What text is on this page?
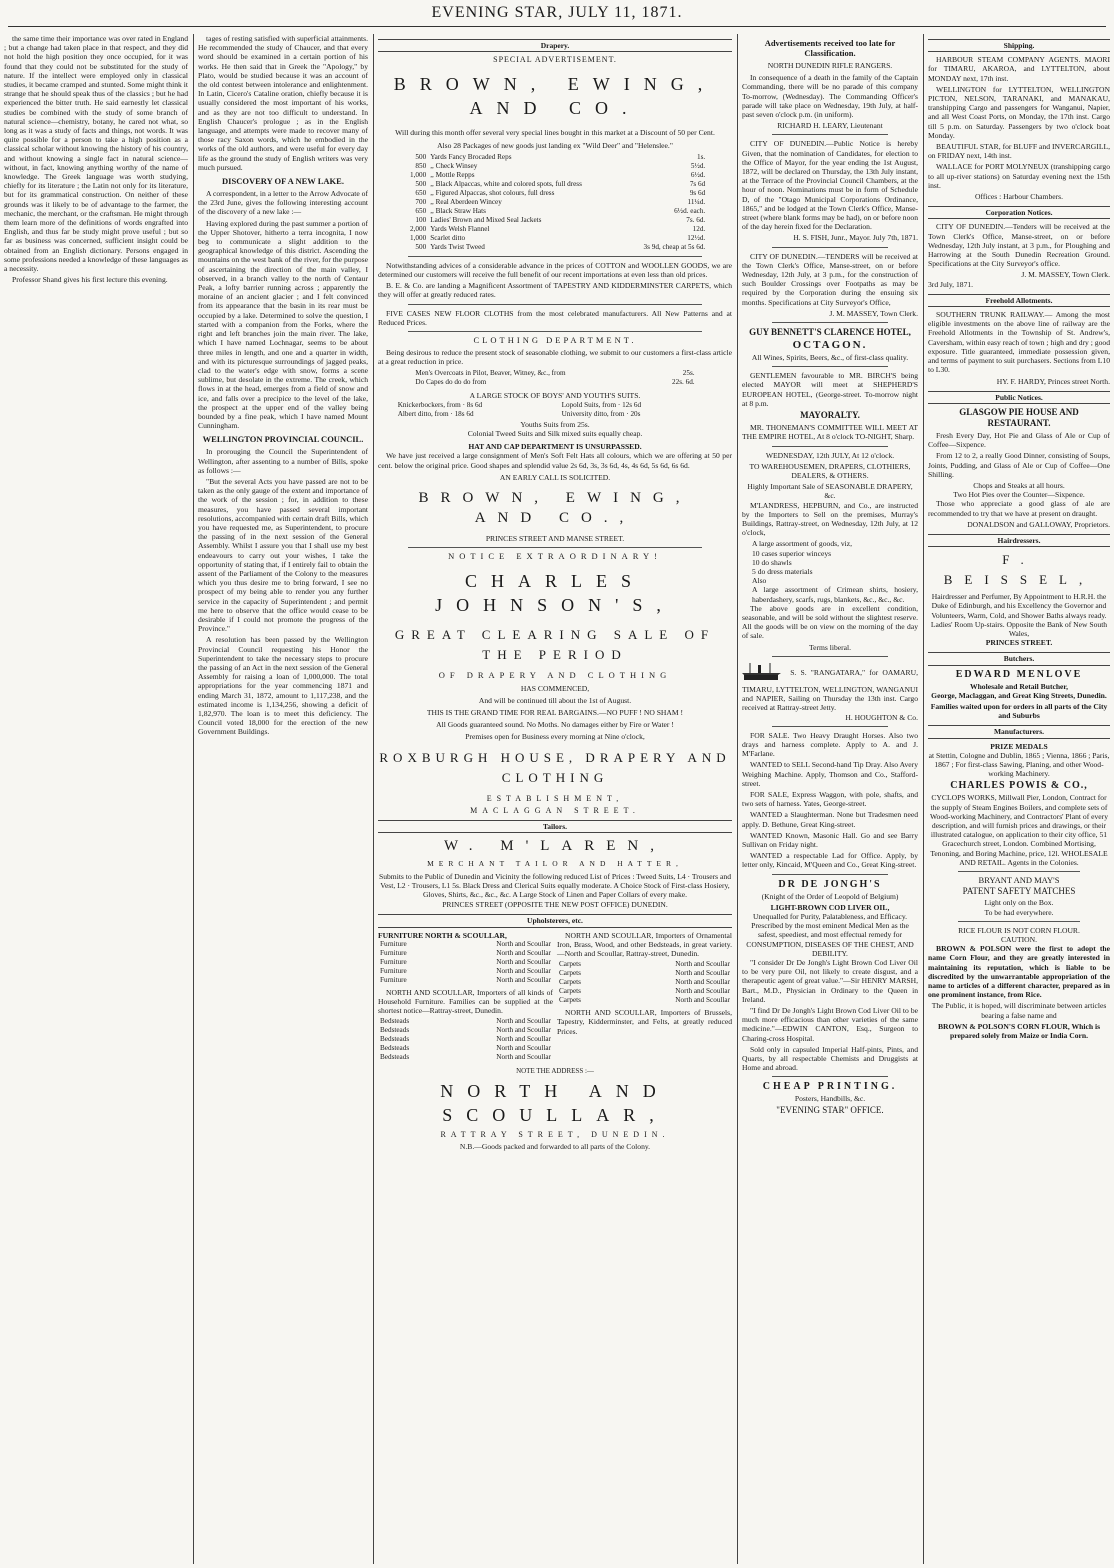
EVENING STAR, JULY 11, 1871.

the same time their importance was over rated in England ; but a change had taken place in that respect, and they did not hold the high position they once occupied, for it was found that they could not be substituted for the study of nature. If the intellect were employed only in classical studies, it became cramped and stunted. Some might think it strange that he should speak thus of the classics ; but he had experienced the bitter truth. He said earnestly let classical studies be combined with the study of some branch of natural science—chemistry, botany, he cared not what, so long as it was a study of facts and things, not words. It was quite possible for a person to take a high position as a classical scholar without knowing the history of his country, and without knowing a single fact in natural science—without, in fact, knowing anything worthy of the name of knowledge. The Greek language was worth studying, chiefly for its literature ; the Latin not only for its literature, but for its grammatical construction. On neither of these grounds was it likely to be of advantage to the farmer, the mechanic, the merchant, or the craftsman. He might through them learn more of the definitions of words engrafted into English, and thus far be study might prove useful ; but so far as business was concerned, sufficient insight could be obtained from an English dictionary. Persons engaged in some professions needed a knowledge of these languages as a necessity.

Professor Shand gives his first lecture this evening.

tages of resting satisfied with superficial attainments. He recommended the study of Chaucer, and that every word should be examined in a certain portion of his works. He then said that in Greek the "Apology," by Plato, would be studied because it was an account of the old contest between intolerance and enlightenment. In Latin, Cicero's Cataline oration, chiefly because it is usually considered the most important of his works, and as they are not too difficult to understand. In English Chaucer's prologue ; as in the English language, and attempts were made to recover many of those racy Saxon words, which he embodied in the works of the old authors, and were useful for every day life as the ground the study of English writers was very much pursued.

DISCOVERY OF A NEW LAKE.

A correspondent, in a letter to the Arrow Advocate of the 23rd June, gives the following interesting account of the discovery of a new lake :—

Having explored during the past summer a portion of the Upper Shotover, hitherto a terra incognita, I now beg to communicate a slight addition to the geographical knowledge of this district. Ascending the mountains on the west bank of the river, for the purpose of ascertaining the direction of the main valley, I observed, in a branch valley to the north of Centaur Peak, a lofty barrier running across ; apparently the moraine of an ancient glacier ; and I felt convinced from its appearance that the basin in its rear must be occupied by a lake. Determined to solve the question, I started with a companion from the Forks, where the right and left branches join the main river. The lake, which I have named Lochnagar, seems to be about three miles in length, and one and a quarter in width, and with its picturesque surroundings of jagged peaks, clad to the water's edge with snow, forms a scene sublime, but desolate in the extreme. The creek, which flows in at the head, emerges from a field of snow and ice, and falls over a precipice to the level of the lake, the prospect at the upper end of the valley being bounded by a fine peak, which I have named Mount Cunningham.

WELLINGTON PROVINCIAL COUNCIL.

In prorouging the Council the Superintendent of Wellington, after assenting to a number of Bills, spoke as follows :—

"But the several Acts you have passed are not to be taken as the only gauge of the extent and importance of the work of the session ; for, in addition to these measures, you have passed several important resolutions, accompanied with certain draft Bills, which you have requested me, as Superintendent, to procure the passing of in the next session of the General Assembly. Whilst I assure you that I shall use my best endeavours to carry out your wishes, I take the opportunity of stating that, if I entirely fail to obtain the assent of the Parliament of the Colony to the measures which you thus desire me to bring forward, I see no prospect of my being able to render you any further service in the capacity of Superintendent ; and permit me here to observe that the office would cease to be desirable if I could not promote the progress of the Province."

A resolution has been passed by the Wellington Provincial Council requesting his Honor the Superintendent to take the necessary steps to procure the passing of an Act in the next session of the General Assembly for raising a loan of 1,000,000. The total appropriations for the year commencing 1871 and ending March 31, 1872, amount to 1,117,238, and the estimated income is 1,134,256, showing a deficit of 1,82,970. The loan is to meet this deficiency. The Council voted 18,000 for the erection of the new Government Buildings.

Drapery.
SPECIAL ADVERTISEMENT.
BROWN, EWING, AND CO.
Will during this month offer several very special lines bought in this market at a Discount of 50 per Cent.
Also 28 Packages of new goods just landing ex "Wild Deer" and "Helenslee."
500	Yards Fancy Brocaded Reps	1s.
850	,, Check Winsey	5½d.
1,000	,, Mottle Repps	6½d.
500	,, Black Alpaccas, white and colored spots, full dress	7s 6d
650	,, Figured Alpaccas, shot colours, full dress	9s 6d
700	,, Real Aberdeen Wincey	11¼d.
650	,, Black Straw Hats	6½d. each.
100	Ladies' Brown and Mixed Seal Jackets	7s. 6d.
2,000	Yards Welsh Flannel	12d.
1,000	Scarlet ditto	12½d.
500	Yards Twist Tweed	3s 9d, cheap at 5s 6d.

Notwithstanding advices of a considerable advance in the prices of COTTON and WOOLLEN GOODS, we are determined our customers will receive the full benefit of our recent importations at even less than old prices.

B. E. & Co. are landing a Magnificent Assortment of TAPESTRY AND KIDDERMINSTER CARPETS, which they will offer at greatly reduced rates.

FIVE CASES NEW FLOOR CLOTHS from the most celebrated manufacturers. All New Patterns and at Reduced Prices.

CLOTHING DEPARTMENT.

Being desirous to reduce the present stock of seasonable clothing, we submit to our customers a first-class article at a great reduction in price.

Men's Overcoats in Pilot, Beaver, Witney, &c., from	25s.
Do Capes do do do from	22s. 6d.
A LARGE STOCK OF BOYS' AND YOUTH'S SUITS.
Knickerbockers, from · 8s 6d	Lopold Suits, from · 12s 6d
Albert ditto, from · 18s 6d	University ditto, from · 20s
Youths Suits from 25s.
Colonial Tweed Suits and Silk mixed suits equally cheap.
HAT AND CAP DEPARTMENT IS UNSURPASSED.

We have just received a large consignment of Men's Soft Felt Hats all colours, which we are offering at 50 per cent. below the original price. Good shapes and splendid value 2s 6d, 3s, 3s 6d, 4s, 4s 6d, 5s 6d, 6s 6d.

AN EARLY CALL IS SOLICITED.
BROWN, EWING, AND CO.,
PRINCES STREET AND MANSE STREET.
NOTICE EXTRAORDINARY!
CHARLES JOHNSON'S,
GREAT CLEARING SALE OF THE PERIOD
OF DRAPERY AND CLOTHING
HAS COMMENCED,
And will be continued till about the 1st of August.
THIS IS THE GRAND TIME FOR REAL BARGAINS.—NO PUFF ! NO SHAM !
All Goods guaranteed sound. No Moths. No damages either by Fire or Water !
Premises open for Business every morning at Nine o'clock,
ROXBURGH HOUSE, DRAPERY AND CLOTHING
ESTABLISHMENT,
MACLAGGAN STREET.
Tailors.
W. M'LAREN,
MERCHANT TAILOR AND HATTER,
Submits to the Public of Dunedin and Vicinity the following reduced List of Prices : Tweed Suits, L4 · Trousers and Vest, L2 · Trousers, L1 5s. Black Dress and Clerical Suits equally moderate. A Choice Stock of First-class Hosiery, Gloves, Shirts, &c., &c., &c. A Large Stock of Linen and Paper Collars of every make.
PRINCES STREET (OPPOSITE THE NEW POST OFFICE) DUNEDIN.
Upholsterers, etc.
FURNITURE NORTH & SCOULLAR,
Furniture	North and Scoullar
Furniture	North and Scoullar
Furniture	North and Scoullar
Furniture	North and Scoullar
Furniture	North and Scoullar

NORTH AND SCOULLAR, Importers of all kinds of Household Furniture. Families can be supplied at the shortest notice—Rattray-street, Dunedin.

Bedsteads	North and Scoullar
Bedsteads	North and Scoullar
Bedsteads	North and Scoullar
Bedsteads	North and Scoullar
Bedsteads	North and Scoullar

NORTH AND SCOULLAR, Importers of Ornamental Iron, Brass, Wood, and other Bedsteads, in great variety.—North and Scoullar, Rattray-street, Dunedin.

Carpets	North and Scoullar
Carpets	North and Scoullar
Carpets	North and Scoullar
Carpets	North and Scoullar
Carpets	North and Scoullar

NORTH AND SCOULLAR, Importers of Brussels, Tapestry, Kidderminster, and Felts, at greatly reduced Prices.

NOTE THE ADDRESS :—
NORTH AND SCOULLAR,
RATTRAY STREET, DUNEDIN.
N.B.—Goods packed and forwarded to all parts of the Colony.
Advertisements received too late for Classification.
NORTH DUNEDIN RIFLE RANGERS.

In consequence of a death in the family of the Captain Commanding, there will be no parade of this company To-morrow, (Wednesday). The Commanding Officer's parade will take place on Wednesday, 19th July, at half-past seven o'clock p.m. (in uniform).

RICHARD H. LEARY, Lieutenant

CITY OF DUNEDIN.—Public Notice is hereby Given, that the nomination of Candidates, for election to the Office of Mayor, for the year ending the 1st August, 1872, will be declared on Thursday, the 13th July instant, at the Terrace of the Provincial Council Chambers, at the hour of noon. Nominations must be in form of Schedule D, of the "Otago Municipal Corporations Ordinance, 1865," and be lodged at the Town Clerk's Office, Manse-street (where blank forms may be had), on or before noon of the day herein fixed for the Declaration.

H. S. FISH, Junr., Mayor. July 7th, 1871.

CITY OF DUNEDIN.—TENDERS will be received at the Town Clerk's Office, Manse-street, on or before Wednesday, 12th July, at 3 p.m., for the construction of such Boulder Crossings over Footpaths as may be required by the Corporation during the ensuing six months. Specifications at City Surveyor's Office,

J. M. MASSEY, Town Clerk.
GUY BENNETT'S CLARENCE HOTEL,
OCTAGON.
All Wines, Spirits, Beers, &c., of first-class quality.

GENTLEMEN favourable to MR. BIRCH'S being elected MAYOR will meet at SHEPHERD'S EUROPEAN HOTEL, (George-street. To-morrow night at 8 p.m.

MAYORALTY.

MR. THONEMAN'S COMMITTEE WILL MEET AT THE EMPIRE HOTEL, At 8 o'clock TO-NIGHT, Sharp.

WEDNESDAY, 12th JULY, At 12 o'clock.
TO WAREHOUSEMEN, DRAPERS, CLOTHIERS, DEALERS, & OTHERS.
Highly Important Sale of SEASONABLE DRAPERY, &c.

M'LANDRESS, HEPBURN, and Co., are instructed by the Importers to Sell on the premises, Murray's Buildings, Rattray-street, on Wednesday, 12th July, at 12 o'clock,

A large assortment of goods, viz,
10 cases superior winceys
10 do shawls
5 do dress materials
Also
A large assortment of Crimean shirts, hosiery, haberdashery, scarfs, rugs, blankets, &c., &c., &c.

The above goods are in excellent condition, seasonable, and will be sold without the slightest reserve. All the goods will be on view on the morning of the day of sale.

Terms liberal.
S. S. "RANGATARA," for OAMARU, TIMARU, LYTTELTON, WELLINGTON, WANGANUI and NAPIER, Sailing on Thursday the 13th inst. Cargo received at Rattray-street Jetty.
H. HOUGHTON & Co.

FOR SALE. Two Heavy Draught Horses. Also two drays and harness complete. Apply to A. and J. M'Farlane.

WANTED to SELL Second-hand Tip Dray. Also Avery Weighing Machine. Apply, Thomson and Co., Stafford-street.

FOR SALE, Express Waggon, with pole, shafts, and two sets of harness. Yates, George-street.

WANTED a Slaughterman. None but Tradesmen need apply. D. Bethune, Great King-street.

WANTED Known, Masonic Hall. Go and see Barry Sullivan on Friday night.

WANTED a respectable Lad for Office. Apply, by letter only, Kincaid, M'Queen and Co., Great King-street.

DR DE JONGH'S
(Knight of the Order of Leopold of Belgium)
LIGHT-BROWN COD LIVER OIL,
Unequalled for Purity, Palatableness, and Efficacy. Prescribed by the most eminent Medical Men as the safest, speediest, and most effectual remedy for CONSUMPTION, DISEASES OF THE CHEST, AND DEBILITY.

"I consider Dr De Jongh's Light Brown Cod Liver Oil to be very pure Oil, not likely to create disgust, and a therapeutic agent of great value."—Sir HENRY MARSH, Bart., M.D., Physician in Ordinary to the Queen in Ireland.

"I find Dr De Jongh's Light Brown Cod Liver Oil to be much more efficacious than other varieties of the same medicine."—EDWIN CANTON, Esq., Surgeon to Charing-cross Hospital.

Sold only in capsuled Imperial Half-pints, Pints, and Quarts, by all respectable Chemists and Druggists at Home and abroad.

CHEAP PRINTING.
Posters, Handbills, &c.
"EVENING STAR" OFFICE.
Shipping.

HARBOUR STEAM COMPANY AGENTS. MAORI for TIMARU, AKAROA, and LYTTELTON, about MONDAY next, 17th inst.

WELLINGTON for LYTTELTON, WELLINGTON PICTON, NELSON, TARANAKI, and MANAKAU, transhipping Cargo and passengers for Wanganui, Napier, and all West Coast Ports, on Monday, the 17th inst. Cargo till 5 p.m. on Saturday. Passengers by two o'clock boat Monday.

BEAUTIFUL STAR, for BLUFF and INVERCARGILL, on FRIDAY next, 14th inst.

WALLACE for PORT MOLYNEUX (transhipping cargo to all up-river stations) on Saturday evening next the 15th inst.

Offices : Harbour Chambers.
Corporation Notices.

CITY OF DUNEDIN.—Tenders will be received at the Town Clerk's Office, Manse-street, on or before Wednesday, 12th July instant, at 3 p.m., for Ploughing and Harrowing at the South Dunedin Recreation Ground. Specifications at the City Surveyor's office.

J. M. MASSEY, Town Clerk.
3rd July, 1871.
Freehold Allotments.

SOUTHERN TRUNK RAILWAY.— Among the most eligible investments on the above line of railway are the Freehold Allotments in the Township of St. Andrew's, Caversham, within easy reach of town ; high and dry ; good exposure. Title guaranteed, immediate possession given, and terms of payment to suit purchasers. Sections from L10 to L30.

HY. F. HARDY, Princes street North.
Public Notices.
GLASGOW PIE HOUSE AND RESTAURANT.

Fresh Every Day, Hot Pie and Glass of Ale or Cup of Coffee—Sixpence.

From 12 to 2, a really Good Dinner, consisting of Soups, Joints, Pudding, and Glass of Ale or Cup of Coffee—One Shilling.

Chops and Steaks at all hours.
Two Hot Pies over the Counter—Sixpence.

Those who appreciate a good glass of ale are recommended to try that we have at present on draught.

DONALDSON and GALLOWAY, Proprietors.
Hairdressers.
F. BEISSEL,
Hairdresser and Perfumer, By Appointment to H.R.H. the Duke of Edinburgh, and his Excellency the Governor and Volunteers, Warm, Cold, and Shower Baths always ready. Ladies' Room Up-stairs. Opposite the Bank of New South Wales,
PRINCES STREET.
Butchers.
EDWARD MENLOVE
Wholesale and Retail Butcher,
George, Maclaggan, and Great King Streets, Dunedin.
Families waited upon for orders in all parts of the City and Suburbs
Manufacturers.
PRIZE MEDALS
at Stettin, Cologne and Dublin, 1865 ; Vienna, 1866 ; Paris, 1867 ; For first-class Sawing, Planing, and other Wood-working Machinery.
CHARLES POWIS & CO.,
CYCLOPS WORKS, Millwall Pier, London, Contract for the supply of Steam Engines Boilers, and complete sets of Wood-working Machinery, and Contractors' Plant of every description, and will furnish prices and drawings, or their illustrated catalogue, on application to their city office, 51 Gracechurch street, London. Combined Mortising, Tenoning, and Boring Machine, price, 12l. WHOLESALE AND RETAIL. Agents in the Colonies.
BRYANT AND MAY'S
PATENT SAFETY MATCHES
Light only on the Box.
To be had everywhere.
RICE FLOUR IS NOT CORN FLOUR.
CAUTION.

BROWN & POLSON were the first to adopt the name Corn Flour, and they are greatly interested in maintaining its reputation, which is liable to be discredited by the unwarrantable appropriation of the name to articles of a different character, prepared as in one prominent instance, from Rice.

The Public, it is hoped, will discriminate between articles bearing a false name and
BROWN & POLSON'S CORN FLOUR, Which is prepared solely from Maize or India Corn.
